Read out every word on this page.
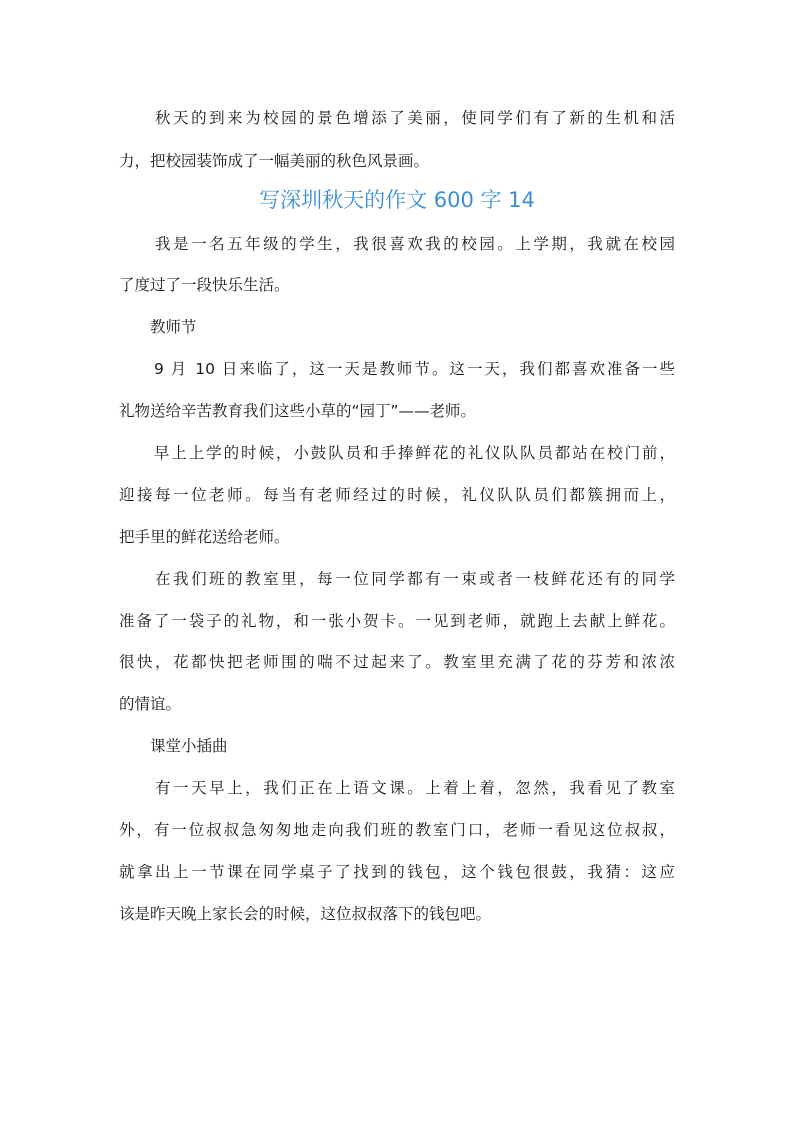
　　秋天的到来为校园的景色增添了美丽，使同学们有了新的生机和活
力，把校园装饰成了一幅美丽的秋色风景画。
写深圳秋天的作文 600 字 14
　　我是一名五年级的学生，我很喜欢我的校园。上学期，我就在校园
了度过了一段快乐生活。
　　教师节
　　9 月 10 日来临了，这一天是教师节。这一天，我们都喜欢准备一些
礼物送给辛苦教育我们这些小草的“园丁”——老师。
　　早上上学的时候，小鼓队员和手捧鲜花的礼仪队队员都站在校门前，
迎接每一位老师。每当有老师经过的时候，礼仪队队员们都簇拥而上，
把手里的鲜花送给老师。
　　在我们班的教室里，每一位同学都有一束或者一枝鲜花还有的同学
准备了一袋子的礼物，和一张小贺卡。一见到老师，就跑上去献上鲜花。
很快，花都快把老师围的喘不过起来了。教室里充满了花的芬芳和浓浓
的情谊。
　　课堂小插曲
　　有一天早上，我们正在上语文课。上着上着，忽然，我看见了教室
外，有一位叔叔急匆匆地走向我们班的教室门口，老师一看见这位叔叔，
就拿出上一节课在同学桌子了找到的钱包，这个钱包很鼓，我猜：这应
该是昨天晚上家长会的时候，这位叔叔落下的钱包吧。
